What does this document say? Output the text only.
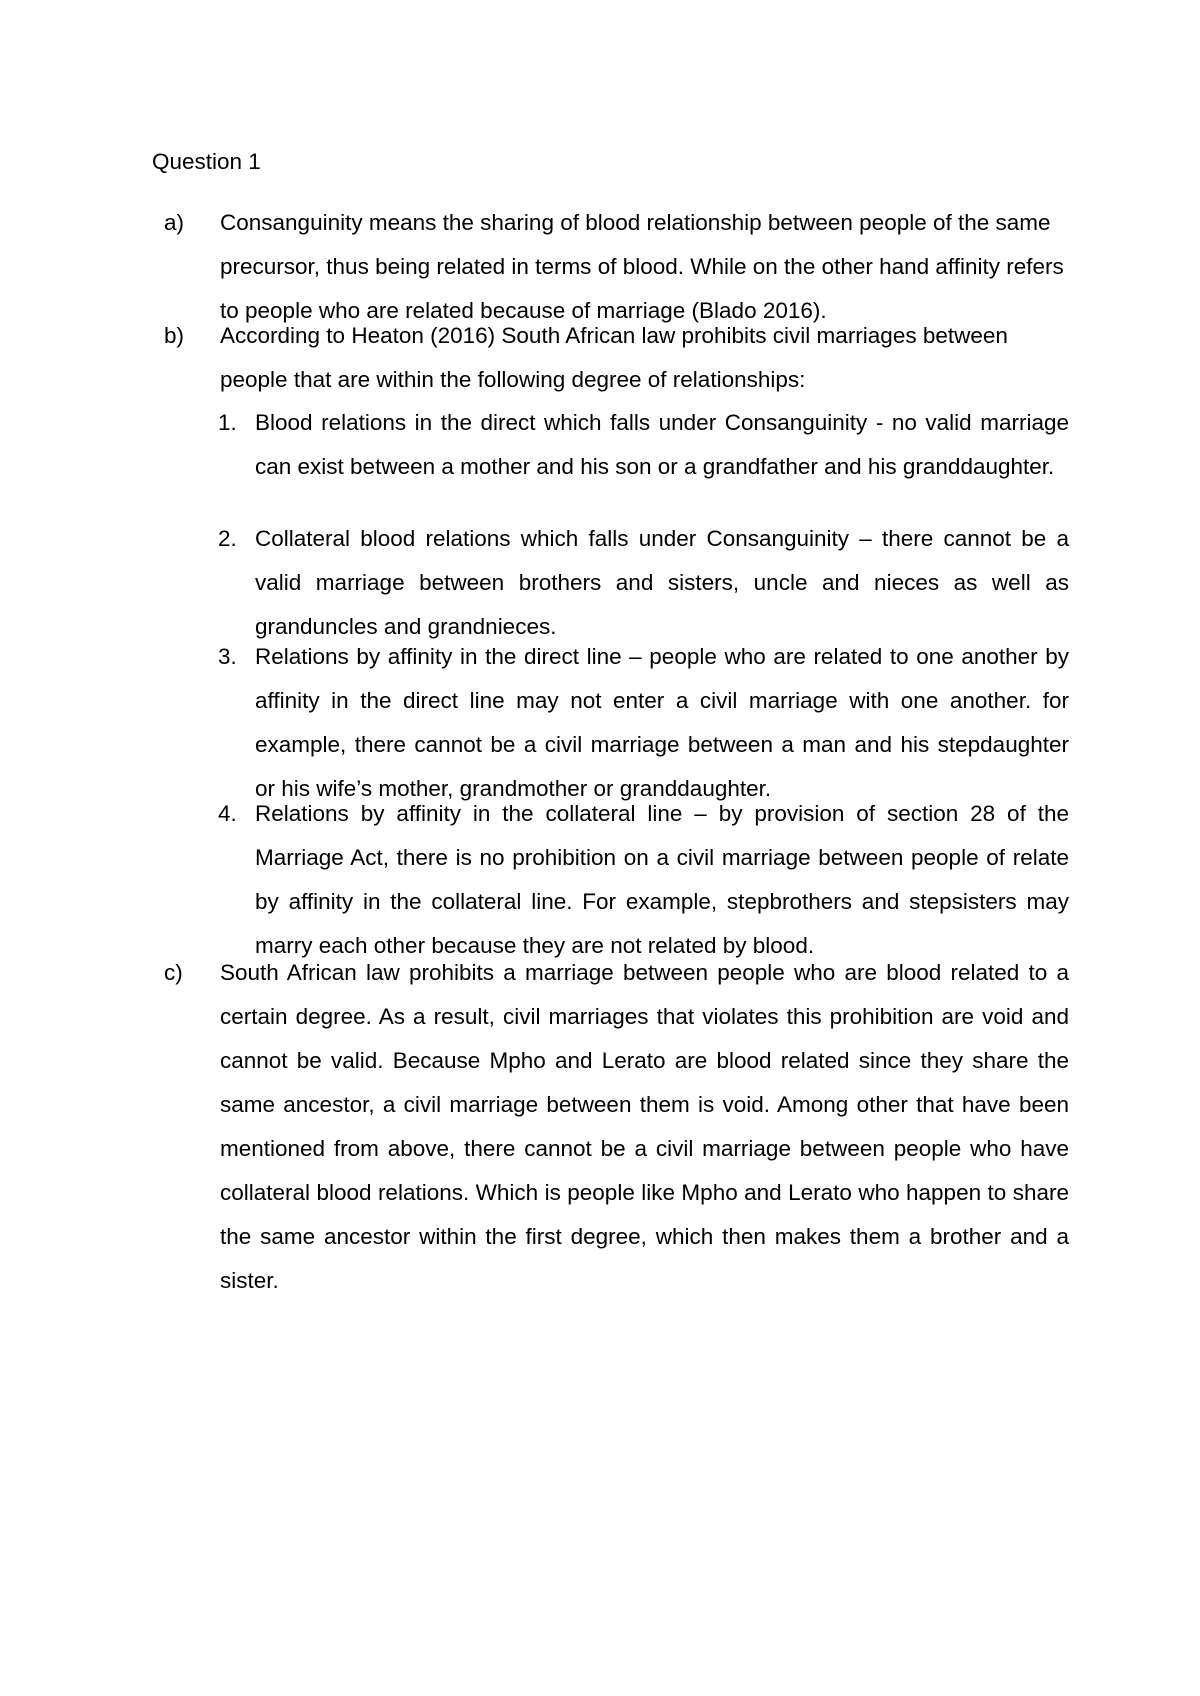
Question 1
a) Consanguinity means the sharing of blood relationship between people of the same precursor, thus being related in terms of blood. While on the other hand affinity refers to people who are related because of marriage (Blado 2016).
b) According to Heaton (2016) South African law prohibits civil marriages between people that are within the following degree of relationships:
1. Blood relations in the direct which falls under Consanguinity - no valid marriage can exist between a mother and his son or a grandfather and his granddaughter.
2. Collateral blood relations which falls under Consanguinity – there cannot be a valid marriage between brothers and sisters, uncle and nieces as well as granduncles and grandnieces.
3. Relations by affinity in the direct line – people who are related to one another by affinity in the direct line may not enter a civil marriage with one another. for example, there cannot be a civil marriage between a man and his stepdaughter or his wife’s mother, grandmother or granddaughter.
4. Relations by affinity in the collateral line – by provision of section 28 of the Marriage Act, there is no prohibition on a civil marriage between people of relate by affinity in the collateral line. For example, stepbrothers and stepsisters may marry each other because they are not related by blood.
c) South African law prohibits a marriage between people who are blood related to a certain degree. As a result, civil marriages that violates this prohibition are void and cannot be valid. Because Mpho and Lerato are blood related since they share the same ancestor, a civil marriage between them is void. Among other that have been mentioned from above, there cannot be a civil marriage between people who have collateral blood relations. Which is people like Mpho and Lerato who happen to share the same ancestor within the first degree, which then makes them a brother and a sister.
